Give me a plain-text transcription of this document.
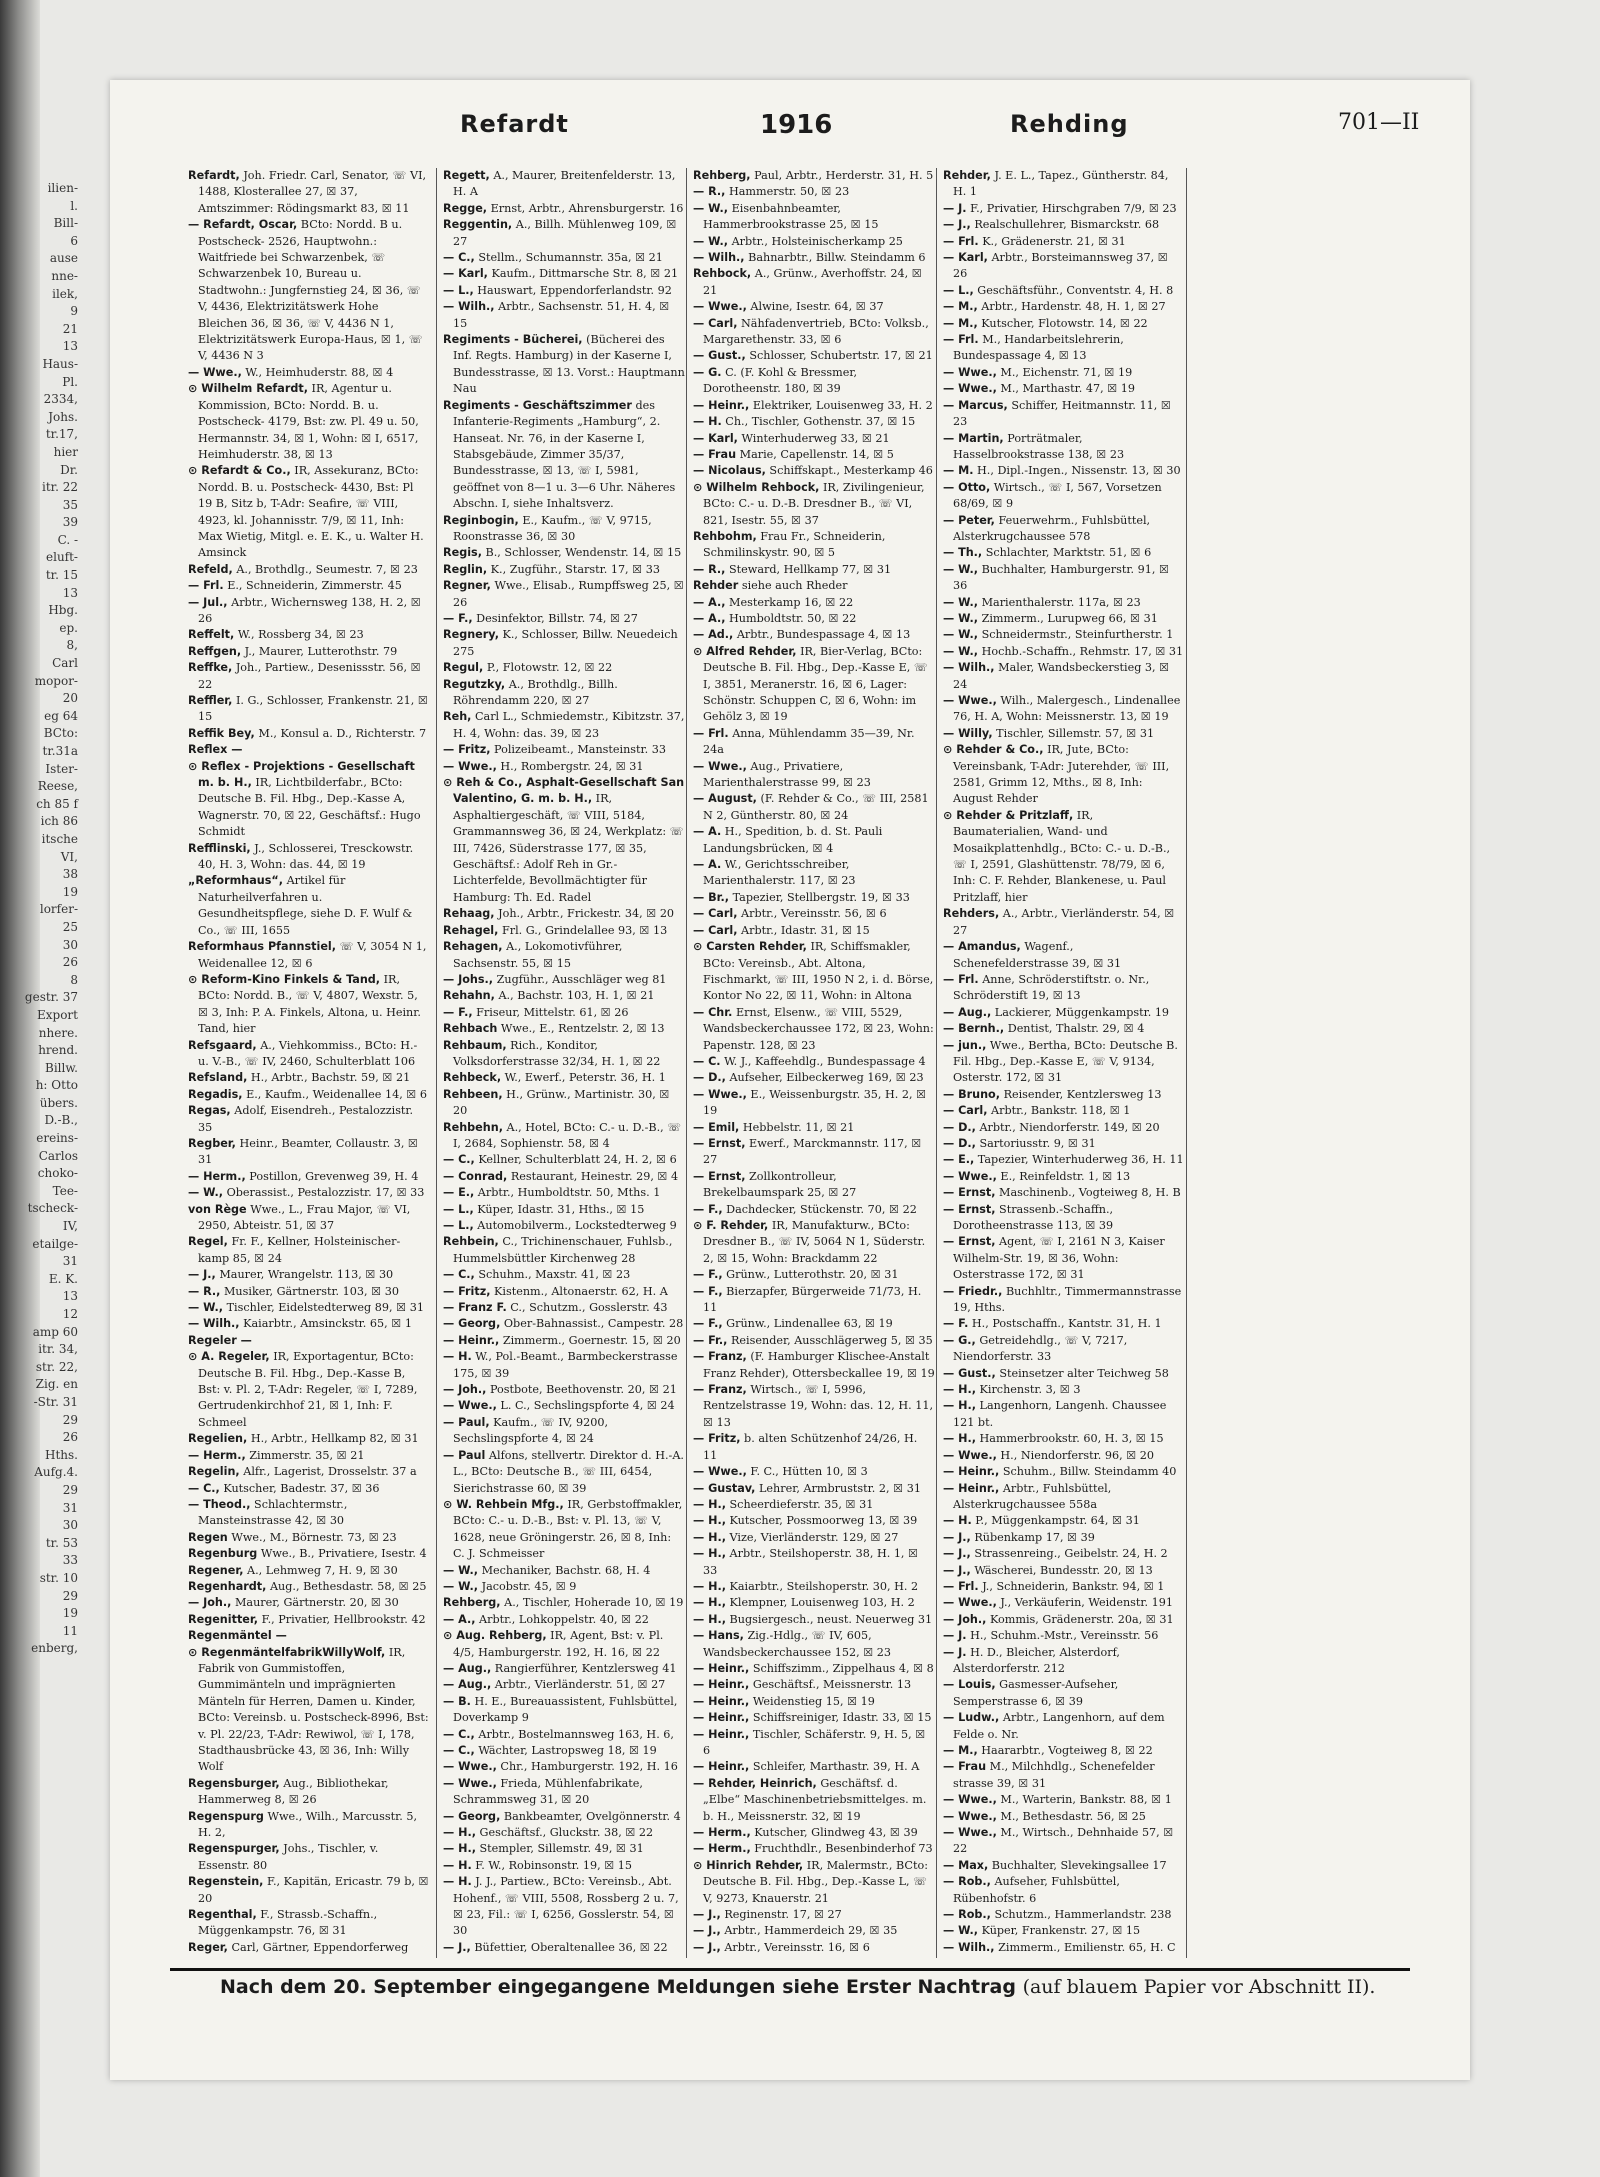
ilien-
l.
Bill-
6
ause
nne-
ilek,
9
21
13
Haus-
Pl.
2334,
Johs.
tr.17,
hier
Dr.
itr. 22
35
39
C. -
eluft-
tr. 15
13
Hbg.
ep.
8,
Carl
mopor-
20
eg 64
BCto:
tr.31a
Ister-
Reese,
ch 85 f
ich 86
itsche
VI,
38
19
lorfer-
25
30
26
8
gestr. 37
Export
nhere.
hrend.
Billw.
h: Otto
übers.
D.-B.,
ereins-
Carlos
choko-
Tee-
tscheck-
IV,
etailge-
31
E. K.
13
12
amp 60
itr. 34,
str. 22,
Zig. en
-Str. 31
29
26
Hths.
Aufg.4.
29
31
30
tr. 53
33
str. 10
29
19
11
enberg,
Refardt	1916	Rehding	701—II

Refardt, Joh. Friedr. Carl, Senator, ☏ VI, 1488, Klosterallee 27, ☒ 37, Amtszimmer: Rödingsmarkt 83, ☒ 11

— Refardt, Oscar, BCto: Nordd. B u. Postscheck- 2526, Hauptwohn.: Waitfriede bei Schwarzenbek, ☏ Schwarzenbek 10, Bureau u. Stadtwohn.: Jungfernstieg 24, ☒ 36, ☏ V, 4436, Elektrizitätswerk Hohe Bleichen 36, ☒ 36, ☏ V, 4436 N 1, Elektrizitätswerk Europa-Haus, ☒ 1, ☏ V, 4436 N 3

— Wwe., W., Heimhuderstr. 88, ☒ 4

⊙ Wilhelm Refardt, IR, Agentur u. Kommission, BCto: Nordd. B. u. Postscheck- 4179, Bst: zw. Pl. 49 u. 50, Hermannstr. 34, ☒ 1, Wohn: ☒ I, 6517, Heimhuderstr. 38, ☒ 13

⊙ Refardt & Co., IR, Assekuranz, BCto: Nordd. B. u. Postscheck- 4430, Bst: Pl 19 B, Sitz b, T-Adr: Seafire, ☏ VIII, 4923, kl. Johannisstr. 7/9, ☒ 11, Inh: Max Wietig, Mitgl. e. E. K., u. Walter H. Amsinck

Refeld, A., Brothdlg., Seumestr. 7, ☒ 23

— Frl. E., Schneiderin, Zimmerstr. 45

— Jul., Arbtr., Wichernsweg 138, H. 2, ☒ 26

Reffelt, W., Rossberg 34, ☒ 23

Reffgen, J., Maurer, Lutterothstr. 79

Reffke, Joh., Partiew., Desenissstr. 56, ☒ 22

Reffler, I. G., Schlosser, Frankenstr. 21, ☒ 15

Reffik Bey, M., Konsul a. D., Richterstr. 7

Reflex —

⊙ Reflex - Projektions - Gesellschaft m. b. H., IR, Lichtbilderfabr., BCto: Deutsche B. Fil. Hbg., Dep.-Kasse A, Wagnerstr. 70, ☒ 22, Geschäftsf.: Hugo Schmidt

Refflinski, J., Schlosserei, Tresckowstr. 40, H. 3, Wohn: das. 44, ☒ 19

„Reformhaus“, Artikel für Naturheilverfahren u. Gesundheitspflege, siehe D. F. Wulf & Co., ☏ III, 1655

Reformhaus Pfannstiel, ☏ V, 3054 N 1, Weidenallee 12, ☒ 6

⊙ Reform-Kino Finkels & Tand, IR, BCto: Nordd. B., ☏ V, 4807, Wexstr. 5, ☒ 3, Inh: P. A. Finkels, Altona, u. Heinr. Tand, hier

Refsgaard, A., Viehkommiss., BCto: H.- u. V.-B., ☏ IV, 2460, Schulterblatt 106

Refsland, H., Arbtr., Bachstr. 59, ☒ 21

Regadis, E., Kaufm., Weidenallee 14, ☒ 6

Regas, Adolf, Eisendreh., Pestalozzistr. 35

Regber, Heinr., Beamter, Collaustr. 3, ☒ 31

— Herm., Postillon, Grevenweg 39, H. 4

— W., Oberassist., Pestalozzistr. 17, ☒ 33

von Rège Wwe., L., Frau Major, ☏ VI, 2950, Abteistr. 51, ☒ 37

Regel, Fr. F., Kellner, Holsteinischer-kamp 85, ☒ 24

— J., Maurer, Wrangelstr. 113, ☒ 30

— R., Musiker, Gärtnerstr. 103, ☒ 30

— W., Tischler, Eidelstedterweg 89, ☒ 31

— Wilh., Kaiarbtr., Amsinckstr. 65, ☒ 1

Regeler —

⊙ A. Regeler, IR, Exportagentur, BCto: Deutsche B. Fil. Hbg., Dep.-Kasse B, Bst: v. Pl. 2, T-Adr: Regeler, ☏ I, 7289, Gertrudenkirchhof 21, ☒ 1, Inh: F. Schmeel

Regelien, H., Arbtr., Hellkamp 82, ☒ 31

— Herm., Zimmerstr. 35, ☒ 21

Regelin, Alfr., Lagerist, Drosselstr. 37 a

— C., Kutscher, Badestr. 37, ☒ 36

— Theod., Schlachtermstr., Mansteinstrasse 42, ☒ 30

Regen Wwe., M., Börnestr. 73, ☒ 23

Regenburg Wwe., B., Privatiere, Isestr. 4

Regener, A., Lehmweg 7, H. 9, ☒ 30

Regenhardt, Aug., Bethesdastr. 58, ☒ 25

— Joh., Maurer, Gärtnerstr. 20, ☒ 30

Regenitter, F., Privatier, Hellbrookstr. 42

Regenmäntel —

⊙ RegenmäntelfabrikWillyWolf, IR, Fabrik von Gummistoffen, Gummimänteln und imprägnierten Mänteln für Herren, Damen u. Kinder, BCto: Vereinsb. u. Postscheck-8996, Bst: v. Pl. 22/23, T-Adr: Rewiwol, ☏ I, 178, Stadthausbrücke 43, ☒ 36, Inh: Willy Wolf

Regensburger, Aug., Bibliothekar, Hammerweg 8, ☒ 26

Regenspurg Wwe., Wilh., Marcusstr. 5, H. 2,

Regenspurger, Johs., Tischler, v. Essenstr. 80

Regenstein, F., Kapitän, Ericastr. 79 b, ☒ 20

Regenthal, F., Strassb.-Schaffn., Müggenkampstr. 76, ☒ 31

Reger, Carl, Gärtner, Eppendorferweg

Regett, A., Maurer, Breitenfelderstr. 13, H. A

Regge, Ernst, Arbtr., Ahrensburgerstr. 16

Reggentin, A., Billh. Mühlenweg 109, ☒ 27

— C., Stellm., Schumannstr. 35a, ☒ 21

— Karl, Kaufm., Dittmarsche Str. 8, ☒ 21

— L., Hauswart, Eppendorferlandstr. 92

— Wilh., Arbtr., Sachsenstr. 51, H. 4, ☒ 15

Regiments - Bücherei, (Bücherei des Inf. Regts. Hamburg) in der Kaserne I, Bundesstrasse, ☒ 13. Vorst.: Hauptmann Nau

Regiments - Geschäftszimmer des Infanterie-Regiments „Hamburg“, 2. Hanseat. Nr. 76, in der Kaserne I, Stabsgebäude, Zimmer 35/37, Bundesstrasse, ☒ 13, ☏ I, 5981, geöffnet von 8—1 u. 3—6 Uhr. Näheres Abschn. I, siehe Inhaltsverz.

Reginbogin, E., Kaufm., ☏ V, 9715, Roonstrasse 36, ☒ 30

Regis, B., Schlosser, Wendenstr. 14, ☒ 15

Reglin, K., Zugführ., Starstr. 17, ☒ 33

Regner, Wwe., Elisab., Rumpffsweg 25, ☒ 26

— F., Desinfektor, Billstr. 74, ☒ 27

Regnery, K., Schlosser, Billw. Neuedeich 275

Regul, P., Flotowstr. 12, ☒ 22

Regutzky, A., Brothdlg., Billh. Röhrendamm 220, ☒ 27

Reh, Carl L., Schmiedemstr., Kibitzstr. 37, H. 4, Wohn: das. 39, ☒ 23

— Fritz, Polizeibeamt., Mansteinstr. 33

— Wwe., H., Rombergstr. 24, ☒ 31

⊙ Reh & Co., Asphalt-Gesellschaft San Valentino, G. m. b. H., IR, Asphaltiergeschäft, ☏ VIII, 5184, Grammannsweg 36, ☒ 24, Werkplatz: ☏ III, 7426, Süderstrasse 177, ☒ 35, Geschäftsf.: Adolf Reh in Gr.-Lichterfelde, Bevollmächtigter für Hamburg: Th. Ed. Radel

Rehaag, Joh., Arbtr., Frickestr. 34, ☒ 20

Rehagel, Frl. G., Grindelallee 93, ☒ 13

Rehagen, A., Lokomotivführer, Sachsenstr. 55, ☒ 15

— Johs., Zugführ., Ausschläger weg 81

Rehahn, A., Bachstr. 103, H. 1, ☒ 21

— F., Friseur, Mittelstr. 61, ☒ 26

Rehbach Wwe., E., Rentzelstr. 2, ☒ 13

Rehbaum, Rich., Konditor, Volksdorferstrasse 32/34, H. 1, ☒ 22

Rehbeck, W., Ewerf., Peterstr. 36, H. 1

Rehbeen, H., Grünw., Martinistr. 30, ☒ 20

Rehbehn, A., Hotel, BCto: C.- u. D.-B., ☏ I, 2684, Sophienstr. 58, ☒ 4

— C., Kellner, Schulterblatt 24, H. 2, ☒ 6

— Conrad, Restaurant, Heinestr. 29, ☒ 4

— E., Arbtr., Humboldtstr. 50, Mths. 1

— L., Küper, Idastr. 31, Hths., ☒ 15

— L., Automobilverm., Lockstedterweg 9

Rehbein, C., Trichinenschauer, Fuhlsb., Hummelsbüttler Kirchenweg 28

— C., Schuhm., Maxstr. 41, ☒ 23

— Fritz, Kistenm., Altonaerstr. 62, H. A

— Franz F. C., Schutzm., Gosslerstr. 43

— Georg, Ober-Bahnassist., Campestr. 28

— Heinr., Zimmerm., Goernestr. 15, ☒ 20

— H. W., Pol.-Beamt., Barmbeckerstrasse 175, ☒ 39

— Joh., Postbote, Beethovenstr. 20, ☒ 21

— Wwe., L. C., Sechslingspforte 4, ☒ 24

— Paul, Kaufm., ☏ IV, 9200, Sechslingspforte 4, ☒ 24

— Paul Alfons, stellvertr. Direktor d. H.-A. L., BCto: Deutsche B., ☏ III, 6454, Sierichstrasse 60, ☒ 39

⊙ W. Rehbein Mfg., IR, Gerbstoffmakler, BCto: C.- u. D.-B., Bst: v. Pl. 13, ☏ V, 1628, neue Gröningerstr. 26, ☒ 8, Inh: C. J. Schmeisser

— W., Mechaniker, Bachstr. 68, H. 4

— W., Jacobstr. 45, ☒ 9

Rehberg, A., Tischler, Hoherade 10, ☒ 19

— A., Arbtr., Lohkoppelstr. 40, ☒ 22

⊙ Aug. Rehberg, IR, Agent, Bst: v. Pl. 4/5, Hamburgerstr. 192, H. 16, ☒ 22

— Aug., Rangierführer, Kentzlersweg 41

— Aug., Arbtr., Vierländerstr. 51, ☒ 27

— B. H. E., Bureauassistent, Fuhlsbüttel, Doverkamp 9

— C., Arbtr., Bostelmannsweg 163, H. 6,

— C., Wächter, Lastropsweg 18, ☒ 19

— Wwe., Chr., Hamburgerstr. 192, H. 16

— Wwe., Frieda, Mühlenfabrikate, Schrammsweg 31, ☒ 20

— Georg, Bankbeamter, Ovelgönnerstr. 4

— H., Geschäftsf., Gluckstr. 38, ☒ 22

— H., Stempler, Sillemstr. 49, ☒ 31

— H. F. W., Robinsonstr. 19, ☒ 15

— H. J. J., Partiew., BCto: Vereinsb., Abt. Hohenf., ☏ VIII, 5508, Rossberg 2 u. 7, ☒ 23, Fil.: ☏ I, 6256, Gosslerstr. 54, ☒ 30

— J., Büfettier, Oberaltenallee 36, ☒ 22

Rehberg, Paul, Arbtr., Herderstr. 31, H. 5

— R., Hammerstr. 50, ☒ 23

— W., Eisenbahnbeamter, Hammerbrookstrasse 25, ☒ 15

— W., Arbtr., Holsteinischerkamp 25

— Wilh., Bahnarbtr., Billw. Steindamm 6

Rehbock, A., Grünw., Averhoffstr. 24, ☒ 21

— Wwe., Alwine, Isestr. 64, ☒ 37

— Carl, Nähfadenvertrieb, BCto: Volksb., Margarethenstr. 33, ☒ 6

— Gust., Schlosser, Schubertstr. 17, ☒ 21

— G. C. (F. Kohl & Bressmer, Dorotheenstr. 180, ☒ 39

— Heinr., Elektriker, Louisenweg 33, H. 2

— H. Ch., Tischler, Gothenstr. 37, ☒ 15

— Karl, Winterhuderweg 33, ☒ 21

— Frau Marie, Capellenstr. 14, ☒ 5

— Nicolaus, Schiffskapt., Mesterkamp 46

⊙ Wilhelm Rehbock, IR, Zivilingenieur, BCto: C.- u. D.-B. Dresdner B., ☏ VI, 821, Isestr. 55, ☒ 37

Rehbohm, Frau Fr., Schneiderin, Schmilinskystr. 90, ☒ 5

— R., Steward, Hellkamp 77, ☒ 31

Rehder siehe auch Rheder

— A., Mesterkamp 16, ☒ 22

— A., Humboldtstr. 50, ☒ 22

— Ad., Arbtr., Bundespassage 4, ☒ 13

⊙ Alfred Rehder, IR, Bier-Verlag, BCto: Deutsche B. Fil. Hbg., Dep.-Kasse E, ☏ I, 3851, Meranerstr. 16, ☒ 6, Lager: Schönstr. Schuppen C, ☒ 6, Wohn: im Gehölz 3, ☒ 19

— Frl. Anna, Mühlendamm 35—39, Nr. 24a

— Wwe., Aug., Privatiere, Marienthalerstrasse 99, ☒ 23

— August, (F. Rehder & Co., ☏ III, 2581 N 2, Güntherstr. 80, ☒ 24

— A. H., Spedition, b. d. St. Pauli Landungsbrücken, ☒ 4

— A. W., Gerichtsschreiber, Marienthalerstr. 117, ☒ 23

— Br., Tapezier, Stellbergstr. 19, ☒ 33

— Carl, Arbtr., Vereinsstr. 56, ☒ 6

— Carl, Arbtr., Idastr. 31, ☒ 15

⊙ Carsten Rehder, IR, Schiffsmakler, BCto: Vereinsb., Abt. Altona, Fischmarkt, ☏ III, 1950 N 2, i. d. Börse, Kontor No 22, ☒ 11, Wohn: in Altona

— Chr. Ernst, Elsenw., ☏ VIII, 5529, Wandsbeckerchaussee 172, ☒ 23, Wohn: Papenstr. 128, ☒ 23

— C. W. J., Kaffeehdlg., Bundespassage 4

— D., Aufseher, Eilbeckerweg 169, ☒ 23

— Wwe., E., Weissenburgstr. 35, H. 2, ☒ 19

— Emil, Hebbelstr. 11, ☒ 21

— Ernst, Ewerf., Marckmannstr. 117, ☒ 27

— Ernst, Zollkontrolleur, Brekelbaumspark 25, ☒ 27

— F., Dachdecker, Stückenstr. 70, ☒ 22

⊙ F. Rehder, IR, Manufakturw., BCto: Dresdner B., ☏ IV, 5064 N 1, Süderstr. 2, ☒ 15, Wohn: Brackdamm 22

— F., Grünw., Lutterothstr. 20, ☒ 31

— F., Bierzapfer, Bürgerweide 71/73, H. 11

— F., Grünw., Lindenallee 63, ☒ 19

— Fr., Reisender, Ausschlägerweg 5, ☒ 35

— Franz, (F. Hamburger Klischee-Anstalt Franz Rehder), Ottersbeckallee 19, ☒ 19

— Franz, Wirtsch., ☏ I, 5996, Rentzelstrasse 19, Wohn: das. 12, H. 11, ☒ 13

— Fritz, b. alten Schützenhof 24/26, H. 11

— Wwe., F. C., Hütten 10, ☒ 3

— Gustav, Lehrer, Armbruststr. 2, ☒ 31

— H., Scheerdieferstr. 35, ☒ 31

— H., Kutscher, Possmoorweg 13, ☒ 39

— H., Vize, Vierländerstr. 129, ☒ 27

— H., Arbtr., Steilshoperstr. 38, H. 1, ☒ 33

— H., Kaiarbtr., Steilshoperstr. 30, H. 2

— H., Klempner, Louisenweg 103, H. 2

— H., Bugsiergesch., neust. Neuerweg 31

— Hans, Zig.-Hdlg., ☏ IV, 605, Wandsbeckerchaussee 152, ☒ 23

— Heinr., Schiffszimm., Zippelhaus 4, ☒ 8

— Heinr., Geschäftsf., Meissnerstr. 13

— Heinr., Weidenstieg 15, ☒ 19

— Heinr., Schiffsreiniger, Idastr. 33, ☒ 15

— Heinr., Tischler, Schäferstr. 9, H. 5, ☒ 6

— Heinr., Schleifer, Marthastr. 39, H. A

— Rehder, Heinrich, Geschäftsf. d. „Elbe“ Maschinenbetriebsmittelges. m. b. H., Meissnerstr. 32, ☒ 19

— Herm., Kutscher, Glindweg 43, ☒ 39

— Herm., Fruchthdlr., Besenbinderhof 73

⊙ Hinrich Rehder, IR, Malermstr., BCto: Deutsche B. Fil. Hbg., Dep.-Kasse L, ☏ V, 9273, Knauerstr. 21

— J., Reginenstr. 17, ☒ 27

— J., Arbtr., Hammerdeich 29, ☒ 35

— J., Arbtr., Vereinsstr. 16, ☒ 6

Rehder, J. E. L., Tapez., Güntherstr. 84, H. 1

— J. F., Privatier, Hirschgraben 7/9, ☒ 23

— J., Realschullehrer, Bismarckstr. 68

— Frl. K., Grädenerstr. 21, ☒ 31

— Karl, Arbtr., Borsteimannsweg 37, ☒ 26

— L., Geschäftsführ., Conventstr. 4, H. 8

— M., Arbtr., Hardenstr. 48, H. 1, ☒ 27

— M., Kutscher, Flotowstr. 14, ☒ 22

— Frl. M., Handarbeitslehrerin, Bundespassage 4, ☒ 13

— Wwe., M., Eichenstr. 71, ☒ 19

— Wwe., M., Marthastr. 47, ☒ 19

— Marcus, Schiffer, Heitmannstr. 11, ☒ 23

— Martin, Porträtmaler, Hasselbrookstrasse 138, ☒ 23

— M. H., Dipl.-Ingen., Nissenstr. 13, ☒ 30

— Otto, Wirtsch., ☏ I, 567, Vorsetzen 68/69, ☒ 9

— Peter, Feuerwehrm., Fuhlsbüttel, Alsterkrugchaussee 578

— Th., Schlachter, Marktstr. 51, ☒ 6

— W., Buchhalter, Hamburgerstr. 91, ☒ 36

— W., Marienthalerstr. 117a, ☒ 23

— W., Zimmerm., Lurupweg 66, ☒ 31

— W., Schneidermstr., Steinfurtherstr. 1

— W., Hochb.-Schaffn., Rehmstr. 17, ☒ 31

— Wilh., Maler, Wandsbeckerstieg 3, ☒ 24

— Wwe., Wilh., Malergesch., Lindenallee 76, H. A, Wohn: Meissnerstr. 13, ☒ 19

— Willy, Tischler, Sillemstr. 57, ☒ 31

⊙ Rehder & Co., IR, Jute, BCto: Vereinsbank, T-Adr: Juterehder, ☏ III, 2581, Grimm 12, Mths., ☒ 8, Inh: August Rehder

⊙ Rehder & Pritzlaff, IR, Baumaterialien, Wand- und Mosaikplattenhdlg., BCto: C.- u. D.-B., ☏ I, 2591, Glashüttenstr. 78/79, ☒ 6, Inh: C. F. Rehder, Blankenese, u. Paul Pritzlaff, hier

Rehders, A., Arbtr., Vierländerstr. 54, ☒ 27

— Amandus, Wagenf., Schenefelderstrasse 39, ☒ 31

— Frl. Anne, Schröderstiftstr. o. Nr., Schröderstift 19, ☒ 13

— Aug., Lackierer, Müggenkampstr. 19

— Bernh., Dentist, Thalstr. 29, ☒ 4

— jun., Wwe., Bertha, BCto: Deutsche B. Fil. Hbg., Dep.-Kasse E, ☏ V, 9134, Osterstr. 172, ☒ 31

— Bruno, Reisender, Kentzlersweg 13

— Carl, Arbtr., Bankstr. 118, ☒ 1

— D., Arbtr., Niendorferstr. 149, ☒ 20

— D., Sartoriusstr. 9, ☒ 31

— E., Tapezier, Winterhuderweg 36, H. 11

— Wwe., E., Reinfeldstr. 1, ☒ 13

— Ernst, Maschinenb., Vogteiweg 8, H. B

— Ernst, Strassenb.-Schaffn., Dorotheenstrasse 113, ☒ 39

— Ernst, Agent, ☏ I, 2161 N 3, Kaiser Wilhelm-Str. 19, ☒ 36, Wohn: Osterstrasse 172, ☒ 31

— Friedr., Buchhltr., Timmermannstrasse 19, Hths.

— F. H., Postschaffn., Kantstr. 31, H. 1

— G., Getreidehdlg., ☏ V, 7217, Niendorferstr. 33

— Gust., Steinsetzer alter Teichweg 58

— H., Kirchenstr. 3, ☒ 3

— H., Langenhorn, Langenh. Chaussee 121 bt.

— H., Hammerbrookstr. 60, H. 3, ☒ 15

— Wwe., H., Niendorferstr. 96, ☒ 20

— Heinr., Schuhm., Billw. Steindamm 40

— Heinr., Arbtr., Fuhlsbüttel, Alsterkrugchaussee 558a

— H. P., Müggenkampstr. 64, ☒ 31

— J., Rübenkamp 17, ☒ 39

— J., Strassenreing., Geibelstr. 24, H. 2

— J., Wäscherei, Bundesstr. 20, ☒ 13

— Frl. J., Schneiderin, Bankstr. 94, ☒ 1

— Wwe., J., Verkäuferin, Weidenstr. 191

— Joh., Kommis, Grädenerstr. 20a, ☒ 31

— J. H., Schuhm.-Mstr., Vereinsstr. 56

— J. H. D., Bleicher, Alsterdorf, Alsterdorferstr. 212

— Louis, Gasmesser-Aufseher, Semperstrasse 6, ☒ 39

— Ludw., Arbtr., Langenhorn, auf dem Felde o. Nr.

— M., Haararbtr., Vogteiweg 8, ☒ 22

— Frau M., Milchhdlg., Schenefelder strasse 39, ☒ 31

— Wwe., M., Warterin, Bankstr. 88, ☒ 1

— Wwe., M., Bethesdastr. 56, ☒ 25

— Wwe., M., Wirtsch., Dehnhaide 57, ☒ 22

— Max, Buchhalter, Slevekingsallee 17

— Rob., Aufseher, Fuhlsbüttel, Rübenhofstr. 6

— Rob., Schutzm., Hammerlandstr. 238

— W., Küper, Frankenstr. 27, ☒ 15

— Wilh., Zimmerm., Emilienstr. 65, H. C

Nach dem 20. September eingegangene Meldungen siehe Erster Nachtrag (auf blauem Papier vor Abschnitt II).
